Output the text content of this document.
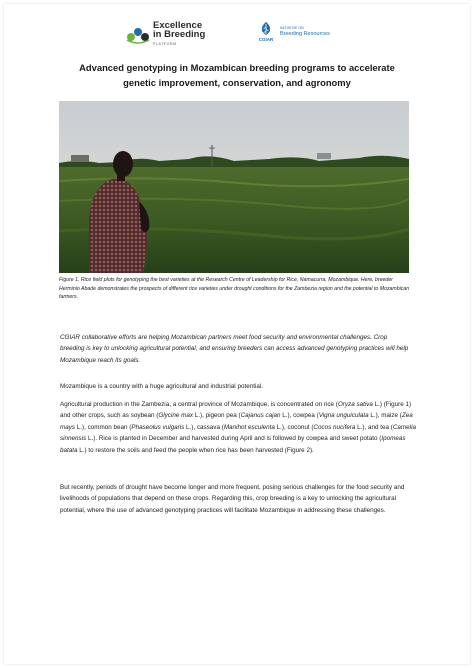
Excellence
in Breeding
PLATFORM
CGIAR
INITIATIVE ON
Breeding Resources
Advanced genotyping in Mozambican breeding programs to accelerate
genetic improvement, conservation, and agronomy

Figure 1. Rice field plots for genotyping the best varieties at the Research Centre of Leadership for Rice, Namacurra, Mozambique. Here, breeder Herminio Abade demonstrates the prospects of different rice varieties under drought conditions for the Zambezia region and the potential to Mozambican farmers.

CGIAR collaborative efforts are helping Mozambican partners meet food security and environmental challenges. Crop breeding is key to unlocking agricultural potential, and ensuring breeders can access advanced genotyping practices will help Mozambique reach its goals.

Mozambique is a country with a huge agricultural and industrial potential.

Agricultural production in the Zambezia, a central province of Mozambique, is concentrated on rice (Oryza sativa L.) (Figure 1) and other crops, such as soybean (Glycine max L.), pigeon pea (Cajanus cajan L.), cowpea (Vigna unguiculata L.), maize (Zea mays L.), common bean (Phaseolus vulgaris L.), cassava (Manihot esculenta L.), coconut (Cocos nucifera L.), and tea (Camelia sinnensis L.). Rice is planted in December and harvested during April and is followed by cowpea and sweet potato (Ipomeas batata L.) to restore the soils and feed the people when rice has been harvested (Figure 2).

But recently, periods of drought have become longer and more frequent, posing serious challenges for the food security and livelihoods of populations that depend on these crops. Regarding this, crop breeding is a key to unlocking the agricultural potential, where the use of advanced genotyping practices will facilitate Mozambique in addressing these challenges.
